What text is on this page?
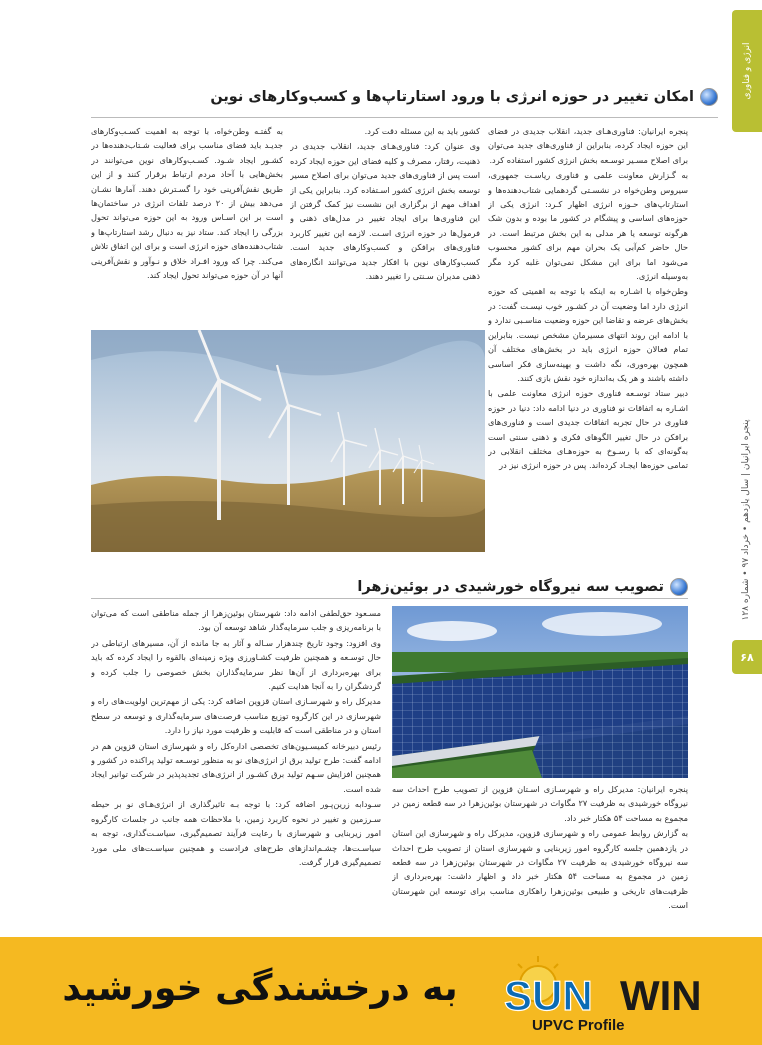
انرژی و فناوری
پنجره ایرانیان | سال یازدهم • خرداد ۹۷ • شماره ۱۲۸
۶۸
امکان تغییر در حوزه انرژی با ورود استارتاپ‌ها و کسب‌و‌کارهای نوین

پنجره ایرانیان: فناوری‌هـای جدید، انقلاب جدیدی در فضای این حوزه ایجاد کرده، بنابراین از فناوری‌های جدید می‌توان برای اصلاح مسـیر توسـعه بخش انرژی کشور استفاده کرد.

به گـزارش معاونت علمی و فناوری ریاسـت جمهوری، سیروس وطن‌خواه در نشسـتی گردهمایی شتاب‌دهنده‌ها و استارتاپ‌های حـوزه انرژی اظهار کـرد: انرژی یکی از حوزه‌های اساسی و پیشگام در کشور ما بوده و بدون شک هرگونه توسعه یا هر مدلی به این بخش مرتبط است. در حال حاضر کم‌آبی یک بحران مهم برای کشور محسوب می‌شود اما برای این مشکل نمی‌توان غلبه کرد مگر به‌وسیله انرژی.

وطن‌خواه با اشـاره به اینکه با توجه به اهمیتی که حوزه انرژی دارد اما وضعیت آن در کشـور خوب نیسـت گفت: در بخش‌های عرضه و تقاضا این حوزه وضعیت مناسـبی ندارد و با ادامه این روند انتهای مسیرمان مشخص نیست. بنابراین تمام فعالان حوزه انرژی باید در بخش‌های مختلف آن همچون بهره‌وری، نگه داشت و بهینه‌سازی فکر اساسی داشته باشند و هر یک به‌اندازه خود نقش بازی کنند.

دبیر ستاد توسـعه فناوری حوزه انرژی معاونت علمی با اشـاره به اتفاقات نو فناوری در دنیا ادامه داد: دنیا در حوزه فناوری در حال تجربه اتفاقات جدیدی است و فناوری‌های برافکن در حال تغییر الگوهای فکری و ذهنی سنتی است به‌گونه‌ای که با رسـوخ به حوزه‌هـای مختلف انقلابی در تمامی حوزه‌ها ایجـاد کرده‌اند. پس در حوزه انرژی نیز در

کشور باید به این مسئله دقت کرد.

وی عنوان کرد: فناوری‌هـای جدید، انقلاب جدیدی در ذهنیت، رفتار، مصرف و کلیه فضای این حوزه ایجاد کرده است پس از فناوری‌های جدید می‌توان برای اصلاح مسیر توسعه بخش انرژی کشور اسـتفاده کرد. بنابراین یکی از اهداف مهم از برگزاری این نشست نیز کمک گرفتن از این فناوری‌ها برای ایجاد تغییر در مدل‌های ذهنی و فرمول‌ها در حوزه انرژی اسـت. لازمه این تغییر کاربرد فناوری‌های برافکن و کسب‌وکارهای جدید است. کسب‌وکارهای نوین با افکار جدید می‌توانند انگاره‌های ذهنی مدیران سـنتی را تغییر دهند.

به گفتـه وطن‌خواه، با توجه به اهمیت کسـب‌وکارهای جدیـد باید فضای مناسب برای فعالیت شـتاب‌دهنده‌ها در کشـور ایجاد شـود. کسـب‌وکارهای نوین می‌توانند در بخش‌هایی با آحاد مردم ارتباط برقرار کنند و از این طریق نقش‌آفرینی خود را گسـترش دهند. آمارها نشـان می‌دهد بیش از ۲۰ درصد تلفات انرژی در ساختمان‌ها است بر این اسـاس ورود به این حوزه می‌تواند تحول بزرگی را ایجاد کند. ستاد نیز به دنبال رشد استارتاپ‌ها و شتاب‌دهنده‌های حوزه انرژی است و برای این اتفاق تلاش می‌کند. چرا که ورود افـراد خلاق و نـوآور و نقش‌آفرینی آنها در آن حوزه می‌تواند تحول ایجاد کند.

تصویب سه نیروگاه خورشیدی در بوئین‌زهرا

پنجره ایرانیان: مدیرکل راه و شهرسـازی اسـتان قزوین از تصویب طرح احداث سه نیروگاه خورشیدی به ظرفیت ۲۷ مگاوات در شهرستان بوئین‌زهرا در سه قطعه زمین در مجموع به مساحت ۵۴ هکتار خبر داد.

به گزارش روابط عمومی راه و شهرسازی قزوین، مدیرکل راه و شهرسازی این استان در یازدهمین جلسه کارگروه امور زیربنایی و شهرسازی استان از تصویب طرح احداث سه نیروگاه خورشیدی به ظرفیت ۲۷ مگاوات در شهرستان بوئین‌زهرا در سه قطعه زمین در مجموع به مساحت ۵۴ هکتار خبر داد و اظهار داشت: بهره‌برداری از ظرفیت‌های تاریخی و طبیعی بوئین‌زهرا راهکاری مناسب برای توسعه این شهرستان است.

مسـعود حق‌لطفی ادامه داد: شهرستان بوئین‌زهرا از جمله مناطقی است که می‌توان با برنامه‌ریزی و جلب سرمایه‌گذار شاهد توسعه آن بود.

وی افزود: وجود تاریخ چندهزار سـاله و آثار به جا مانده از آن، مسیرهای ارتباطی در حال توسـعه و همچنین ظرفیت کشـاورزی ویژه زمینه‌ای بالقوه را ایجاد کرده که باید برای بهره‌برداری از آن‌ها نظر سرمایه‌گذاران بخش خصوصی را جلب کرده و گردشگران را به آنجا هدایت کنیم.

مدیرکل راه و شهرسـازی استان قزوین اضافه کرد: یکی از مهم‌ترین اولویت‌های راه و شهرسازی در این کارگروه توزیع مناسب فرصت‌های سرمایه‌گذاری و توسعه در سطح استان و در مناطقی است که قابلیت و ظرفیت مورد نیاز را دارد.

رئیس دبیرخانه کمیسـیون‌های تخصصی اداره‌کل راه و شهرسازی استان قزوین هم در ادامه گفت: طرح تولید برق از انرژی‌های نو به منظور توسـعه تولید پراکنده در کشور و همچنین افزایش سـهم تولید برق کشـور از انرژی‌های تجدیدپذیر در شرکت توانیر ایجاد شده است.

سـودابه زرین‌پـور اضافه کرد: با توجه بـه تاثیرگذاری از انرژی‌هـای نو بر حیطه سـرزمین و تغییر در نحوه کاربرد زمین، با ملاحظات همه جانب در جلسات کارگروه امور زیربنایی و شهرسازی با رعایت فرآیند تصمیم‌گیری، سیاسـت‌گذاری، توجه به سیاسـت‌ها، چشـم‌اندازهای طرح‌های فرادست و همچنین سیاسـت‌های ملی مورد تصمیم‌گیری قرار گرفت.

به درخشندگی خورشید SUN WIN
UPVC Profile
